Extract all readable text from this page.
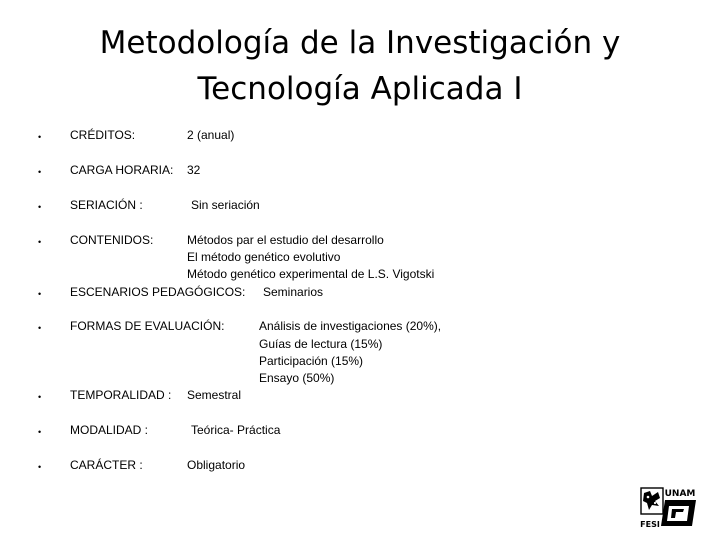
Metodología de la Investigación y
Tecnología Aplicada I
•
•
•
•
•
•
•
•
•
CRÉDITOS:	2 (anual)
CARGA HORARIA: 32
SERIACIÓN :	Sin seriación
CONTENIDOS:	Métodos par el estudio del desarrollo
El método genético evolutivo
Método genético experimental de L.S. Vigotski
ESCENARIOS PEDAGÓGICOS: Seminarios
FORMAS DE EVALUACIÓN:	Análisis de investigaciones (20%),
Guías de lectura (15%)
Participación (15%)
Ensayo (50%)
TEMPORALIDAD : Semestral
MODALIDAD :	Teórica- Práctica
CARÁCTER :	Obligatorio
UNAM
FESI
